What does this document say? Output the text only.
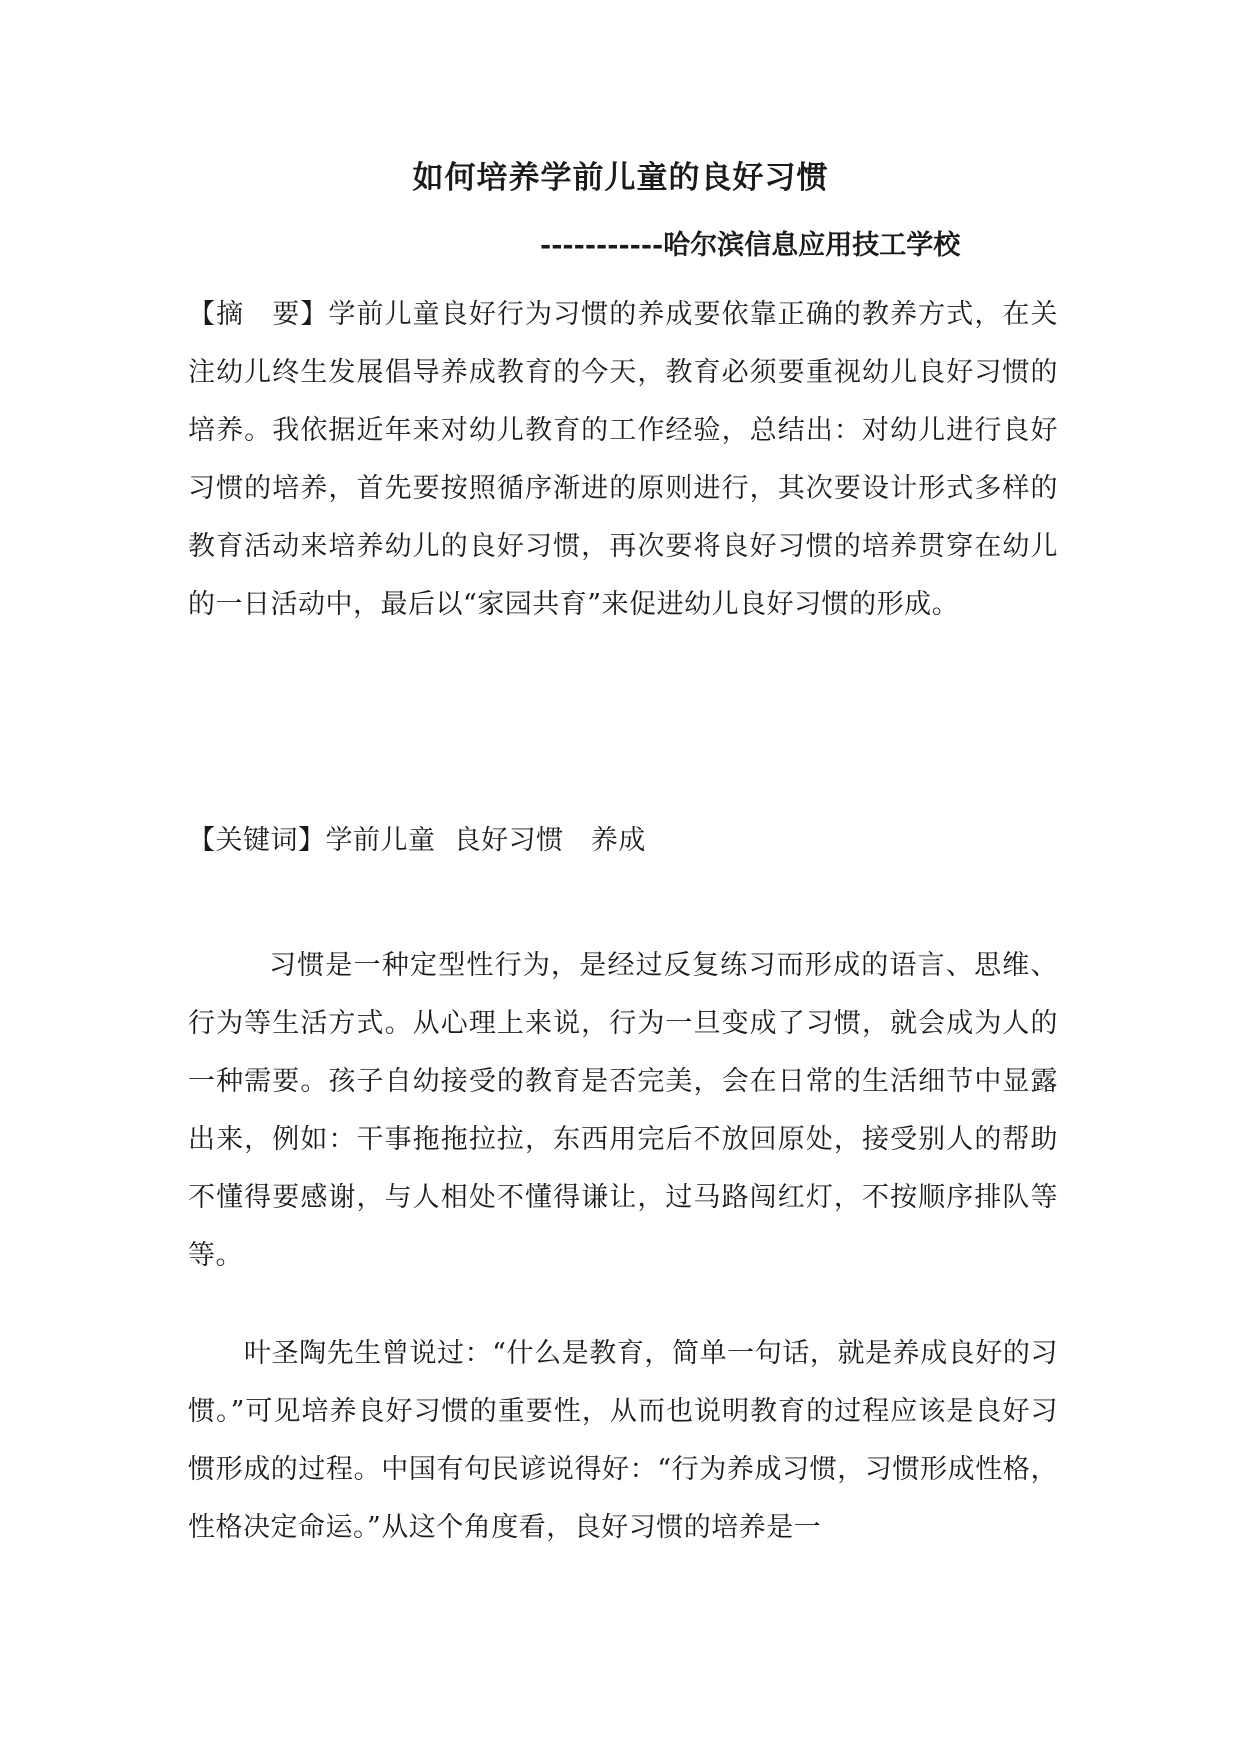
如何培养学前儿童的良好习惯
-----------哈尔滨信息应用技工学校
【摘　要】学前儿童良好行为习惯的养成要依靠正确的教养方式，在关注幼儿终生发展倡导养成教育的今天，教育必须要重视幼儿良好习惯的培养。我依据近年来对幼儿教育的工作经验，总结出：对幼儿进行良好习惯的培养，首先要按照循序渐进的原则进行，其次要设计形式多样的教育活动来培养幼儿的良好习惯，再次要将良好习惯的培养贯穿在幼儿的一日活动中，最后以“家园共育”来促进幼儿良好习惯的形成。
【关键词】学前儿童  良好习惯   养成
习惯是一种定型性行为，是经过反复练习而形成的语言、思维、行为等生活方式。从心理上来说，行为一旦变成了习惯，就会成为人的一种需要。孩子自幼接受的教育是否完美，会在日常的生活细节中显露出来，例如：干事拖拖拉拉，东西用完后不放回原处，接受别人的帮助不懂得要感谢，与人相处不懂得谦让，过马路闯红灯，不按顺序排队等等。
叶圣陶先生曾说过：“什么是教育，简单一句话，就是养成良好的习惯。”可见培养良好习惯的重要性，从而也说明教育的过程应该是良好习惯形成的过程。中国有句民谚说得好：“行为养成习惯，习惯形成性格，性格决定命运。”从这个角度看，良好习惯的培养是一
